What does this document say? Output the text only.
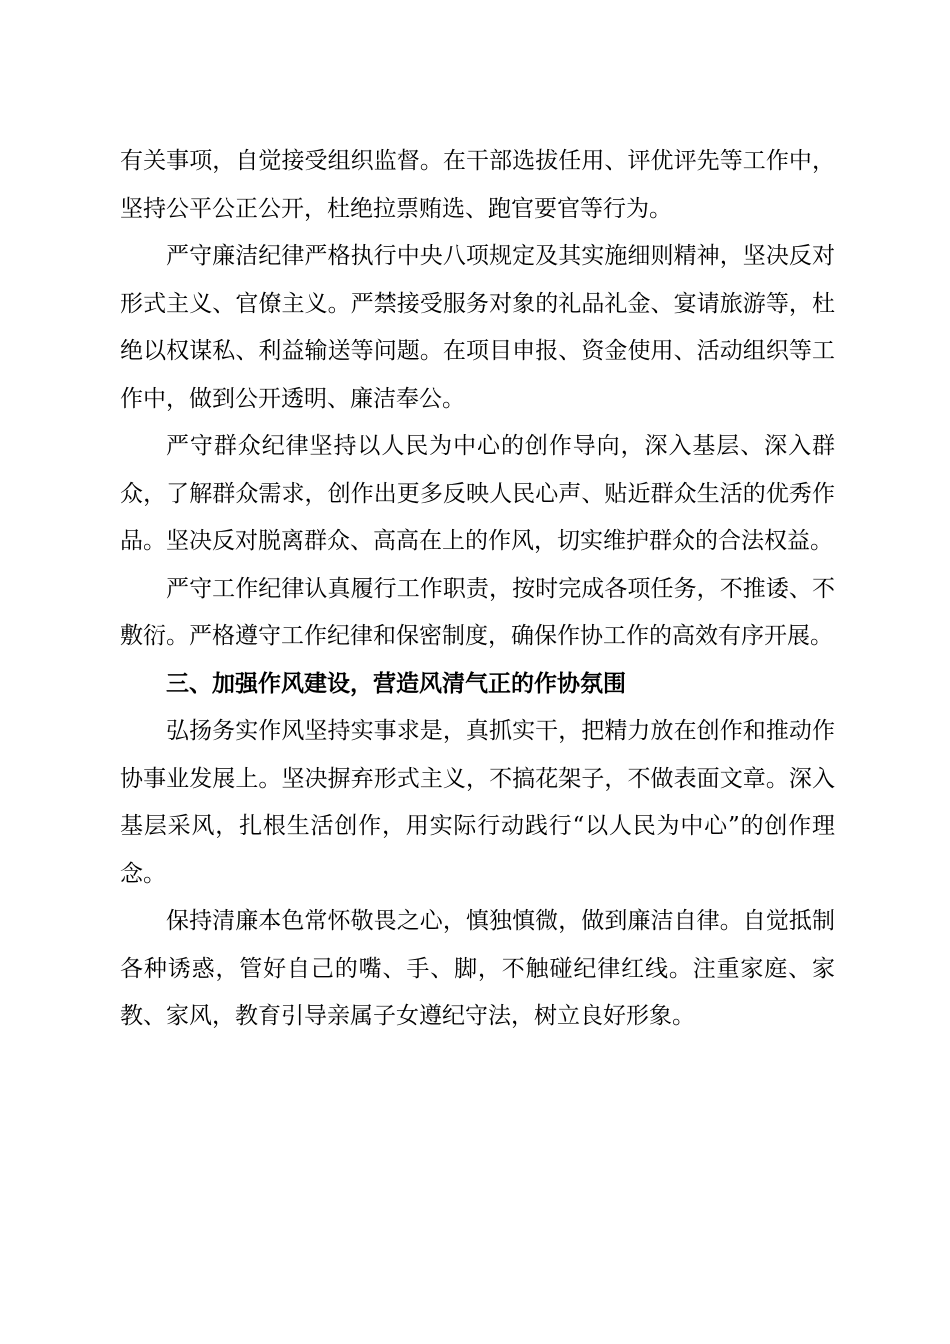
有关事项，自觉接受组织监督。在干部选拔任用、评优评先等工作中，坚持公平公正公开，杜绝拉票贿选、跑官要官等行为。

严守廉洁纪律严格执行中央八项规定及其实施细则精神，坚决反对形式主义、官僚主义。严禁接受服务对象的礼品礼金、宴请旅游等，杜绝以权谋私、利益输送等问题。在项目申报、资金使用、活动组织等工作中，做到公开透明、廉洁奉公。

严守群众纪律坚持以人民为中心的创作导向，深入基层、深入群众，了解群众需求，创作出更多反映人民心声、贴近群众生活的优秀作品。坚决反对脱离群众、高高在上的作风，切实维护群众的合法权益。

严守工作纪律认真履行工作职责，按时完成各项任务，不推诿、不敷衍。严格遵守工作纪律和保密制度，确保作协工作的高效有序开展。

三、加强作风建设，营造风清气正的作协氛围

弘扬务实作风坚持实事求是，真抓实干，把精力放在创作和推动作协事业发展上。坚决摒弃形式主义，不搞花架子，不做表面文章。深入基层采风，扎根生活创作，用实际行动践行“以人民为中心”的创作理念。

保持清廉本色常怀敬畏之心，慎独慎微，做到廉洁自律。自觉抵制各种诱惑，管好自己的嘴、手、脚，不触碰纪律红线。注重家庭、家教、家风，教育引导亲属子女遵纪守法，树立良好形象。
